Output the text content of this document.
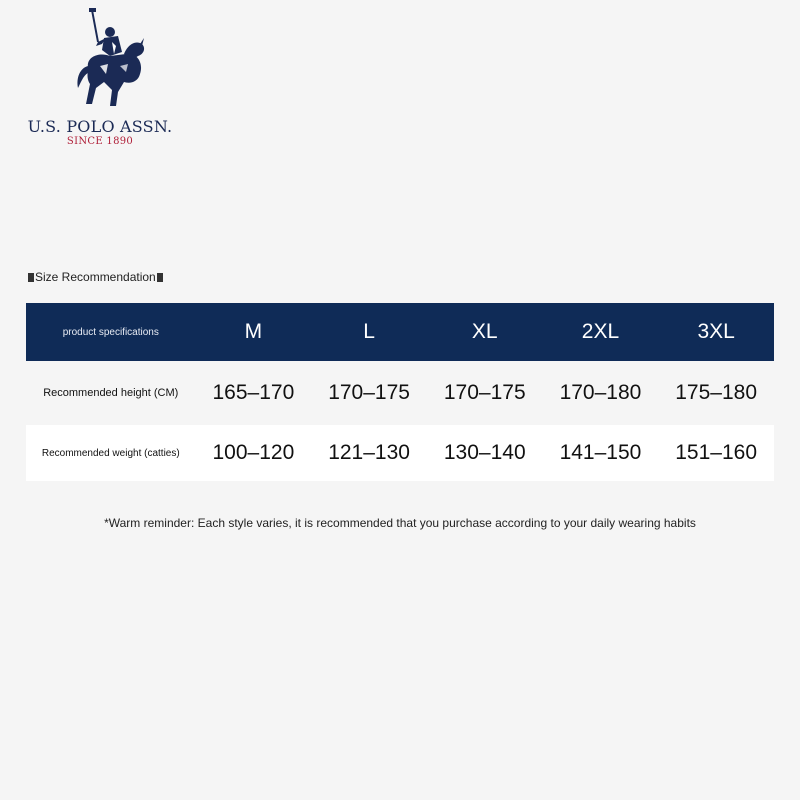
U.S. POLO ASSN.
SINCE 1890
Size Recommendation
product specifications	M	L	XL	2XL	3XL
Recommended height (CM)	165–170	170–175	170–175	170–180	175–180
Recommended weight (catties)	100–120	121–130	130–140	141–150	151–160
*Warm reminder: Each style varies, it is recommended that you purchase according to your daily wearing habits
